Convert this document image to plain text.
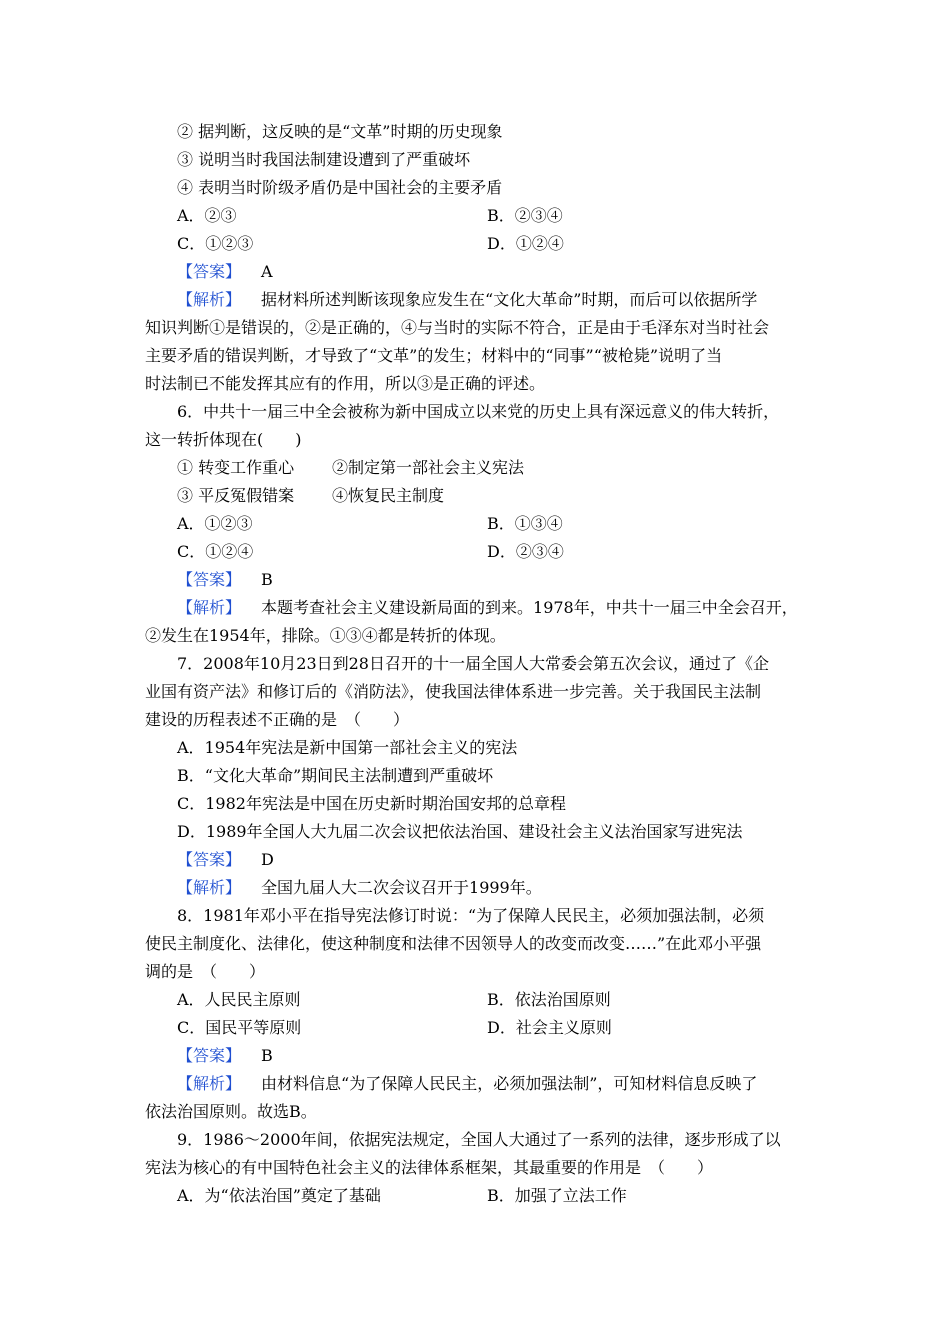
② 据判断，这反映的是“文革”时期的历史现象
③ 说明当时我国法制建设遭到了严重破坏
④ 表明当时阶级矛盾仍是中国社会的主要矛盾
A．②③	B．②③④
C．①②③	D．①②④
【答案】 A
【解析】 据材料所述判断该现象应发生在“文化大革命”时期，而后可以依据所学
知识判断①是错误的，②是正确的，④与当时的实际不符合，正是由于毛泽东对当时社会
主要矛盾的错误判断，才导致了“文革”的发生；材料中的“同事”“被枪毙”说明了当
时法制已不能发挥其应有的作用，所以③是正确的评述。
6．中共十一届三中全会被称为新中国成立以来党的历史上具有深远意义的伟大转折，
这一转折体现在(　　)
① 转变工作重心 ②制定第一部社会主义宪法
③ 平反冤假错案 ④恢复民主制度
A．①②③	B．①③④
C．①②④	D．②③④
【答案】 B
【解析】 本题考查社会主义建设新局面的到来。1978年，中共十一届三中全会召开，
②发生在1954年，排除。①③④都是转折的体现。
7．2008年10月23日到28日召开的十一届全国人大常委会第五次会议，通过了《企
业国有资产法》和修订后的《消防法》，使我国法律体系进一步完善。关于我国民主法制
建设的历程表述不正确的是　（　　）
A．1954年宪法是新中国第一部社会主义的宪法
B．“文化大革命”期间民主法制遭到严重破坏
C．1982年宪法是中国在历史新时期治国安邦的总章程
D．1989年全国人大九届二次会议把依法治国、建设社会主义法治国家写进宪法
【答案】 D
【解析】 全国九届人大二次会议召开于1999年。
8．1981年邓小平在指导宪法修订时说：“为了保障人民民主，必须加强法制，必须
使民主制度化、法律化，使这种制度和法律不因领导人的改变而改变……”在此邓小平强
调的是　（　　）
A．人民民主原则	B．依法治国原则
C．国民平等原则	D．社会主义原则
【答案】 B
【解析】 由材料信息“为了保障人民民主，必须加强法制”，可知材料信息反映了
依法治国原则。故选B。
9．1986～2000年间，依据宪法规定，全国人大通过了一系列的法律，逐步形成了以
宪法为核心的有中国特色社会主义的法律体系框架，其最重要的作用是　（　　）
A．为“依法治国”奠定了基础	B．加强了立法工作
